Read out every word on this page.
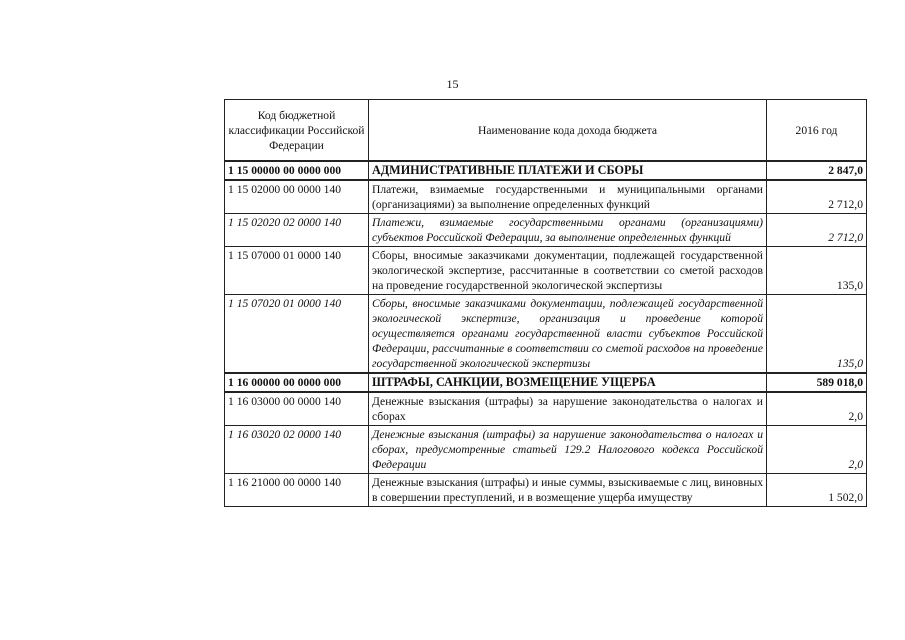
15
Код бюджетной классификации Российской Федерации	Наименование кода дохода бюджета	2016 год
1 15 00000 00 0000 000	АДМИНИСТРАТИВНЫЕ ПЛАТЕЖИ И СБОРЫ	2 847,0
1 15 02000 00 0000 140	Платежи, взимаемые государственными и муниципальными органами (организациями) за выполнение определенных функций	2 712,0
1 15 02020 02 0000 140	Платежи, взимаемые государственными органами (организациями) субъектов Российской Федерации, за выполнение определенных функций	2 712,0
1 15 07000 01 0000 140	Сборы, вносимые заказчиками документации, подлежащей государственной экологической экспертизе, рассчитанные в соответствии со сметой расходов на проведение государственной экологической экспертизы	135,0
1 15 07020 01 0000 140	Сборы, вносимые заказчиками документации, подлежащей государственной экологической экспертизе, организация и проведение которой осуществляется органами государственной власти субъектов Российской Федерации, рассчитанные в соответствии со сметой расходов на проведение государственной экологической экспертизы	135,0
1 16 00000 00 0000 000	ШТРАФЫ, САНКЦИИ, ВОЗМЕЩЕНИЕ УЩЕРБА	589 018,0
1 16 03000 00 0000 140	Денежные взыскания (штрафы) за нарушение законодательства о налогах и сборах	2,0
1 16 03020 02 0000 140	Денежные взыскания (штрафы) за нарушение законодательства о налогах и сборах, предусмотренные статьей 129.2 Налогового кодекса Российской Федерации	2,0
1 16 21000 00 0000 140	Денежные взыскания (штрафы) и иные суммы, взыскиваемые с лиц, виновных в совершении преступлений, и в возмещение ущерба имуществу	1 502,0
